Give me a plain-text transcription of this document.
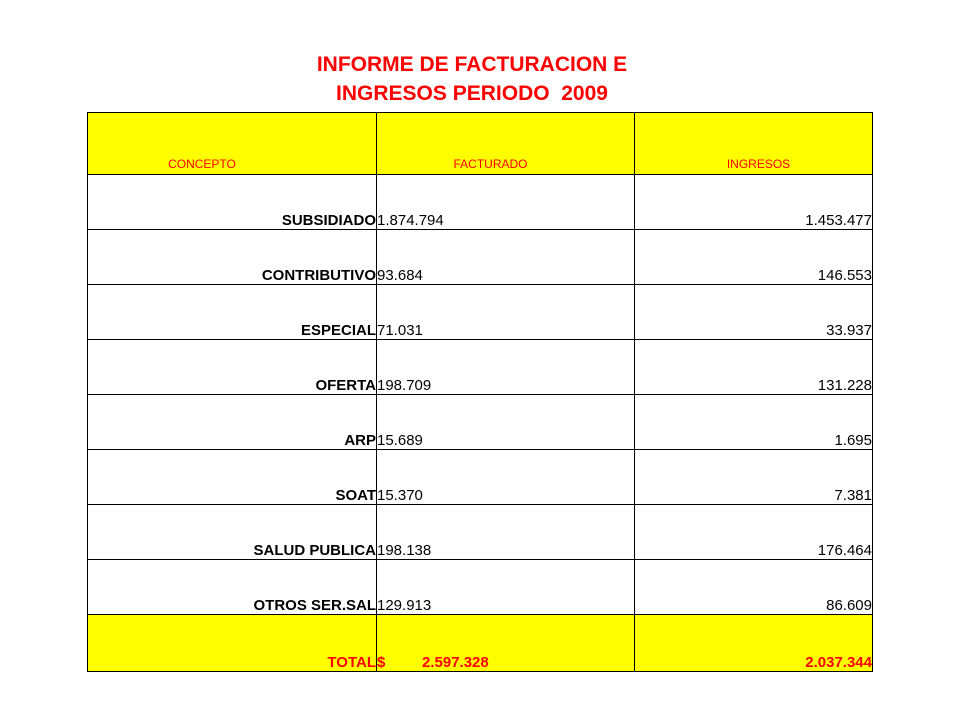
INFORME DE FACTURACION E
INGRESOS PERIODO  2009
CONCEPTO	FACTURADO	INGRESOS
SUBSIDIADO	1.874.794	1.453.477
CONTRIBUTIVO	93.684	146.553
ESPECIAL	71.031	33.937
OFERTA	198.709	131.228
ARP	15.689	1.695
SOAT	15.370	7.381
SALUD PUBLICA	198.138	176.464
OTROS SER.SAL	129.913	86.609
TOTAL	$ 2.597.328	2.037.344
